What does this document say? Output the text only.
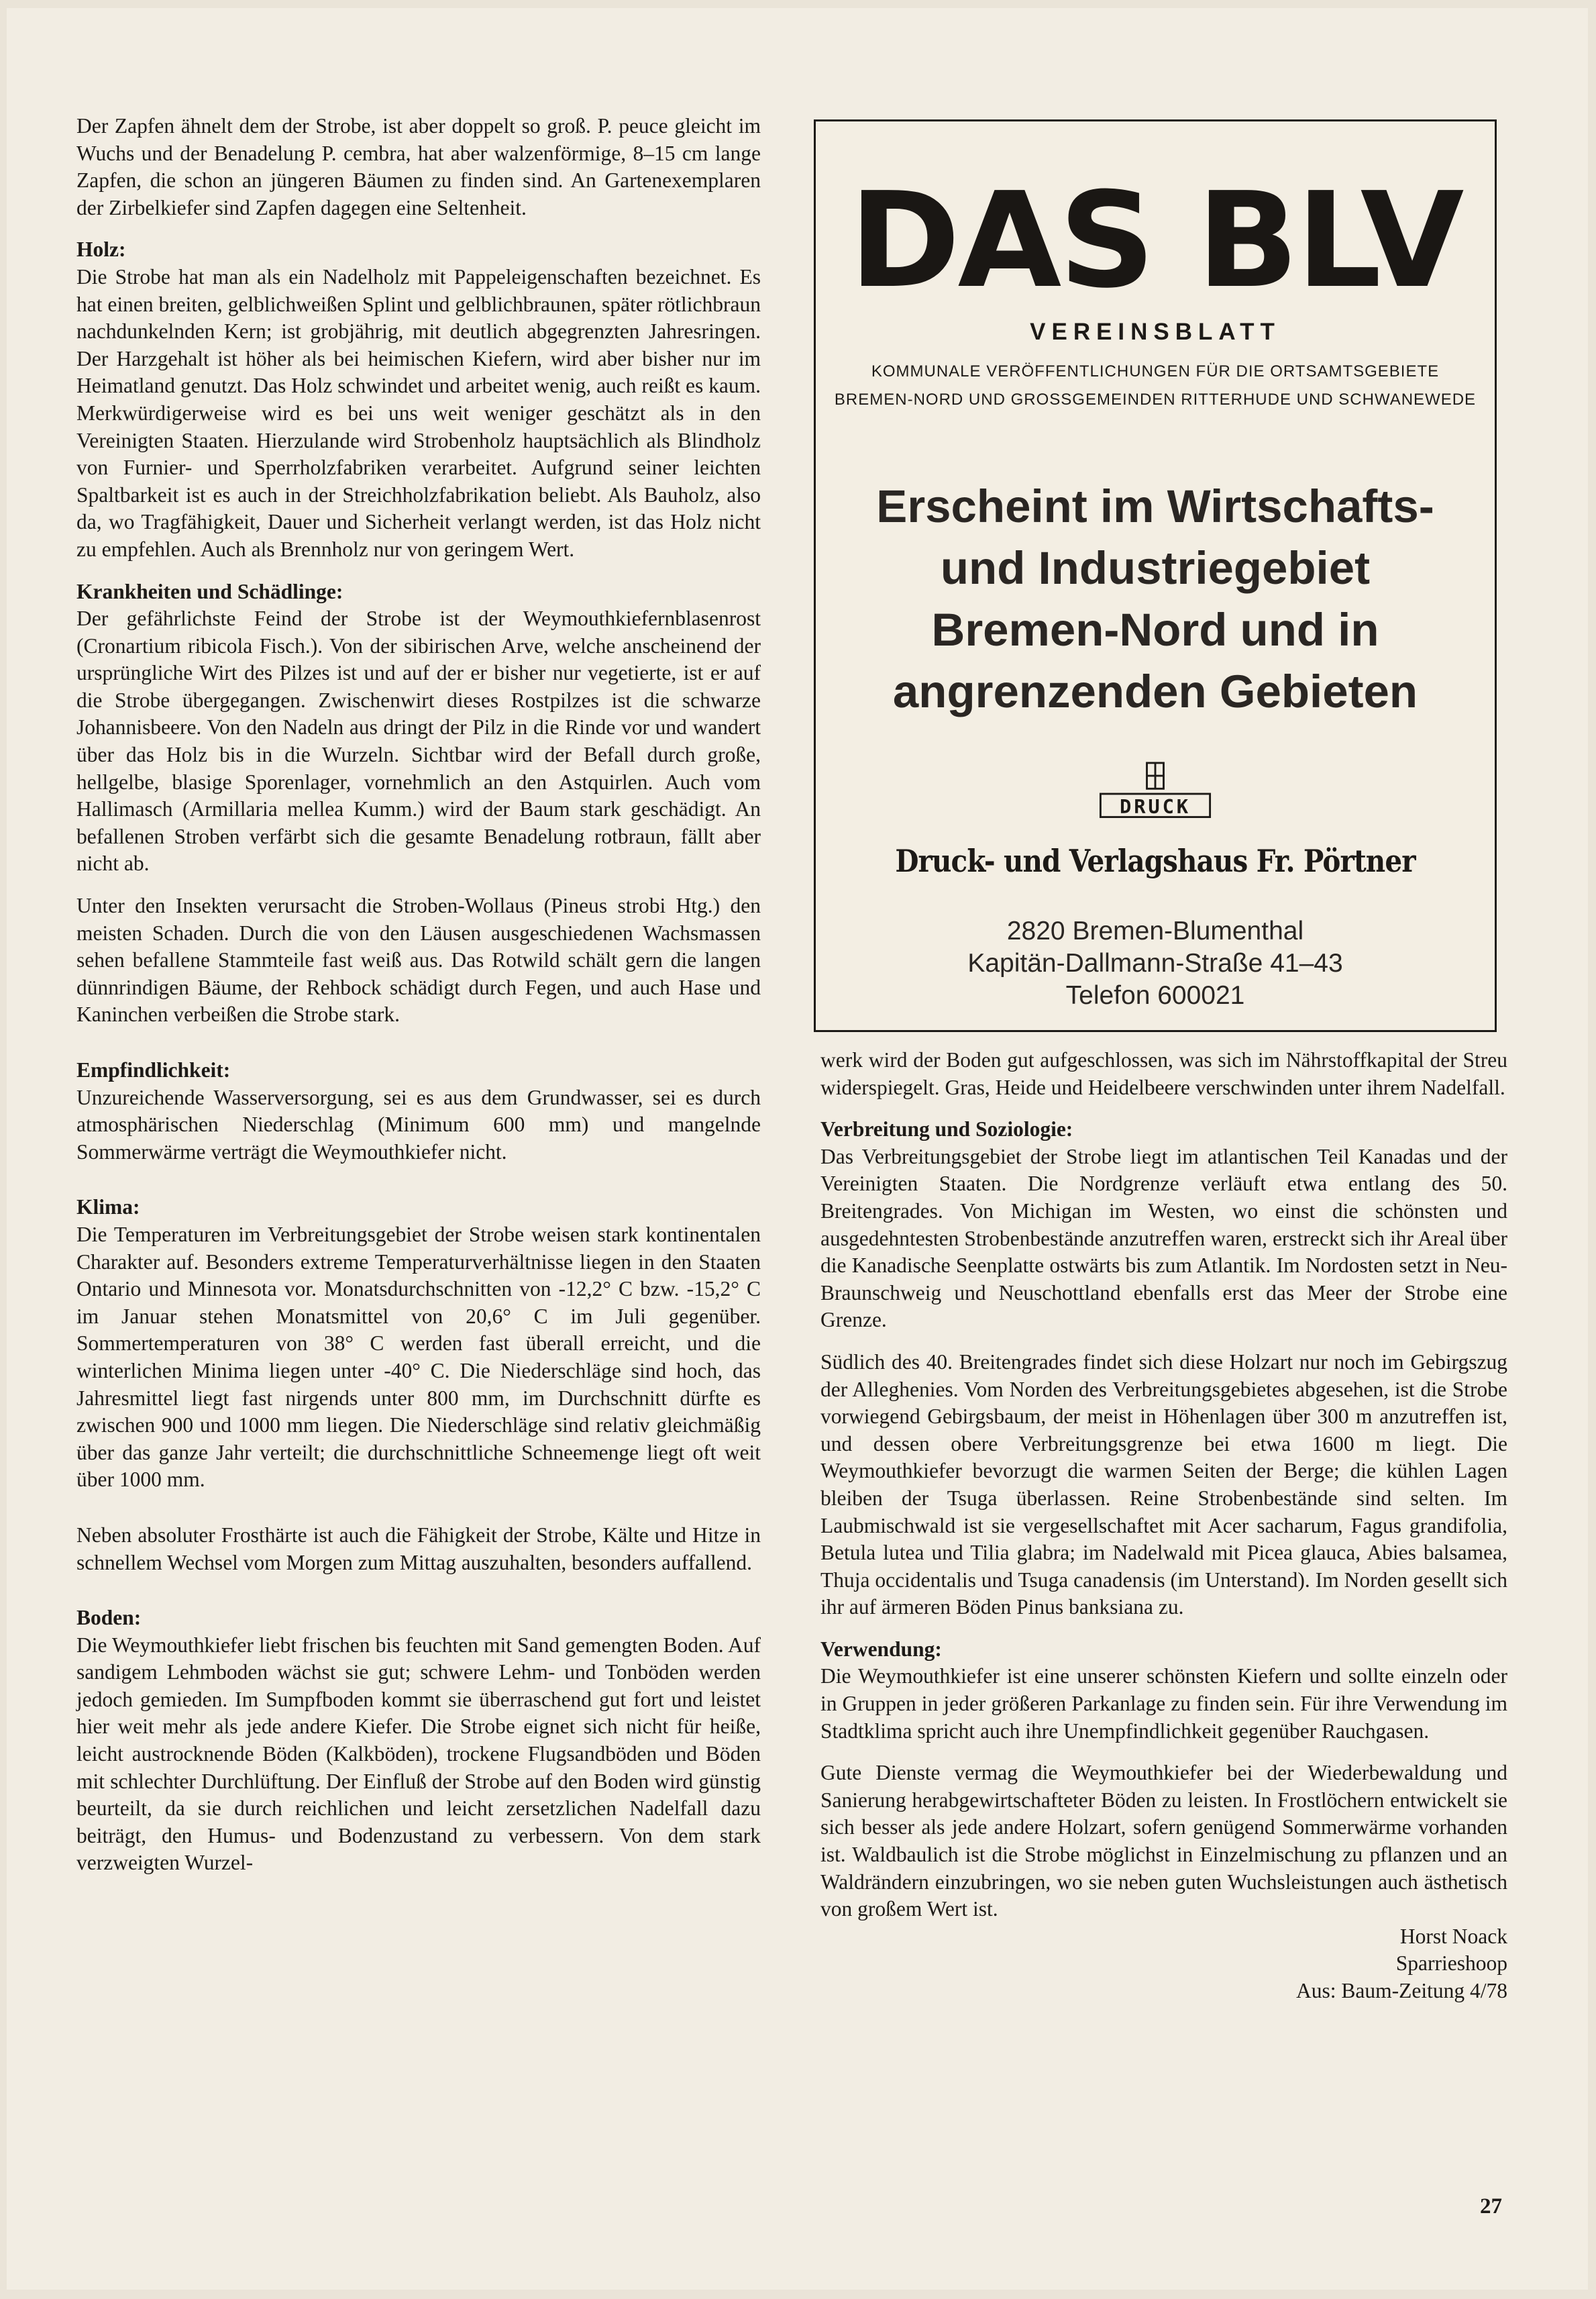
Der Zapfen ähnelt dem der Strobe, ist aber doppelt so groß. P. peuce gleicht im Wuchs und der Benadelung P. cembra, hat aber walzenförmige, 8–15 cm lange Zapfen, die schon an jüngeren Bäumen zu finden sind. An Gartenexemplaren der Zirbelkiefer sind Zapfen dagegen eine Seltenheit.

Holz:

Die Strobe hat man als ein Nadelholz mit Pappeleigenschaften bezeichnet. Es hat einen breiten, gelblichweißen Splint und gelblichbraunen, später rötlichbraun nachdunkelnden Kern; ist grobjährig, mit deutlich abgegrenzten Jahresringen. Der Harzgehalt ist höher als bei heimischen Kiefern, wird aber bisher nur im Heimatland genutzt. Das Holz schwindet und arbeitet wenig, auch reißt es kaum. Merkwürdigerweise wird es bei uns weit weniger geschätzt als in den Vereinigten Staaten. Hierzulande wird Strobenholz hauptsächlich als Blindholz von Furnier- und Sperrholzfabriken verarbeitet. Aufgrund seiner leichten Spaltbarkeit ist es auch in der Streichholzfabrikation beliebt. Als Bauholz, also da, wo Tragfähigkeit, Dauer und Sicherheit verlangt werden, ist das Holz nicht zu empfehlen. Auch als Brennholz nur von geringem Wert.

Krankheiten und Schädlinge:

Der gefährlichste Feind der Strobe ist der Weymouthkiefernblasenrost (Cronartium ribicola Fisch.). Von der sibirischen Arve, welche anscheinend der ursprüngliche Wirt des Pilzes ist und auf der er bisher nur vegetierte, ist er auf die Strobe übergegangen. Zwischenwirt dieses Rostpilzes ist die schwarze Johannisbeere. Von den Nadeln aus dringt der Pilz in die Rinde vor und wandert über das Holz bis in die Wurzeln. Sichtbar wird der Befall durch große, hellgelbe, blasige Sporenlager, vornehmlich an den Astquirlen. Auch vom Hallimasch (Armillaria mellea Kumm.) wird der Baum stark geschädigt. An befallenen Stroben verfärbt sich die gesamte Benadelung rotbraun, fällt aber nicht ab.

Unter den Insekten verursacht die Stroben-Wollaus (Pineus strobi Htg.) den meisten Schaden. Durch die von den Läusen ausgeschiedenen Wachsmassen sehen befallene Stammteile fast weiß aus. Das Rotwild schält gern die langen dünnrindigen Bäume, der Rehbock schädigt durch Fegen, und auch Hase und Kaninchen verbeißen die Strobe stark.

Empfindlichkeit:

Unzureichende Wasserversorgung, sei es aus dem Grundwasser, sei es durch atmosphärischen Niederschlag (Minimum 600 mm) und mangelnde Sommerwärme verträgt die Weymouthkiefer nicht.

Klima:

Die Temperaturen im Verbreitungsgebiet der Strobe weisen stark kontinentalen Charakter auf. Besonders extreme Temperaturverhältnisse liegen in den Staaten Ontario und Minnesota vor. Monatsdurchschnitten von -12,2° C bzw. -15,2° C im Januar stehen Monatsmittel von 20,6° C im Juli gegenüber. Sommertemperaturen von 38° C werden fast überall erreicht, und die winterlichen Minima liegen unter -40° C. Die Niederschläge sind hoch, das Jahresmittel liegt fast nirgends unter 800 mm, im Durchschnitt dürfte es zwischen 900 und 1000 mm liegen. Die Niederschläge sind relativ gleichmäßig über das ganze Jahr verteilt; die durchschnittliche Schneemenge liegt oft weit über 1000 mm.

Neben absoluter Frosthärte ist auch die Fähigkeit der Strobe, Kälte und Hitze in schnellem Wechsel vom Morgen zum Mittag auszuhalten, besonders auffallend.

Boden:

Die Weymouthkiefer liebt frischen bis feuchten mit Sand gemengten Boden. Auf sandigem Lehmboden wächst sie gut; schwere Lehm- und Tonböden werden jedoch gemieden. Im Sumpfboden kommt sie überraschend gut fort und leistet hier weit mehr als jede andere Kiefer. Die Strobe eignet sich nicht für heiße, leicht austrocknende Böden (Kalkböden), trockene Flugsandböden und Böden mit schlechter Durchlüftung. Der Einfluß der Strobe auf den Boden wird günstig beurteilt, da sie durch reichlichen und leicht zersetzlichen Nadelfall dazu beiträgt, den Humus- und Bodenzustand zu verbessern. Von dem stark verzweigten Wurzel-

DAS BLV
VEREINSBLATT
KOMMUNALE VERÖFFENTLICHUNGEN FÜR DIE ORTSAMTSGEBIETE
BREMEN-NORD UND GROSSGEMEINDEN RITTERHUDE UND SCHWANEWEDE
Erscheint im Wirtschafts-
und Industriegebiet
Bremen-Nord und in
angrenzenden Gebieten
DRUCK
Druck- und Verlagshaus Fr. Pörtner
2820 Bremen-Blumenthal
Kapitän-Dallmann-Straße 41–43
Telefon 600021

werk wird der Boden gut aufgeschlossen, was sich im Nährstoffkapital der Streu widerspiegelt. Gras, Heide und Heidelbeere verschwinden unter ihrem Nadelfall.

Verbreitung und Soziologie:

Das Verbreitungsgebiet der Strobe liegt im atlantischen Teil Kanadas und der Vereinigten Staaten. Die Nordgrenze verläuft etwa entlang des 50. Breitengrades. Von Michigan im Westen, wo einst die schönsten und ausgedehntesten Strobenbestände anzutreffen waren, erstreckt sich ihr Areal über die Kanadische Seenplatte ostwärts bis zum Atlantik. Im Nordosten setzt in Neu-Braunschweig und Neuschottland ebenfalls erst das Meer der Strobe eine Grenze.

Südlich des 40. Breitengrades findet sich diese Holzart nur noch im Gebirgszug der Alleghenies. Vom Norden des Verbreitungsgebietes abgesehen, ist die Strobe vorwiegend Gebirgsbaum, der meist in Höhenlagen über 300 m anzutreffen ist, und dessen obere Verbreitungsgrenze bei etwa 1600 m liegt. Die Weymouthkiefer bevorzugt die warmen Seiten der Berge; die kühlen Lagen bleiben der Tsuga überlassen. Reine Strobenbestände sind selten. Im Laubmischwald ist sie vergesellschaftet mit Acer sacharum, Fagus grandifolia, Betula lutea und Tilia glabra; im Nadelwald mit Picea glauca, Abies balsamea, Thuja occidentalis und Tsuga canadensis (im Unterstand). Im Norden gesellt sich ihr auf ärmeren Böden Pinus banksiana zu.

Verwendung:

Die Weymouthkiefer ist eine unserer schönsten Kiefern und sollte einzeln oder in Gruppen in jeder größeren Parkanlage zu finden sein. Für ihre Verwendung im Stadtklima spricht auch ihre Unempfindlichkeit gegenüber Rauchgasen.

Gute Dienste vermag die Weymouthkiefer bei der Wiederbewaldung und Sanierung herabgewirtschafteter Böden zu leisten. In Frostlöchern entwickelt sie sich besser als jede andere Holzart, sofern genügend Sommerwärme vorhanden ist. Waldbaulich ist die Strobe möglichst in Einzelmischung zu pflanzen und an Waldrändern einzubringen, wo sie neben guten Wuchsleistungen auch ästhetisch von großem Wert ist.

Horst Noack

Sparrieshoop

Aus: Baum-Zeitung 4/78

27
